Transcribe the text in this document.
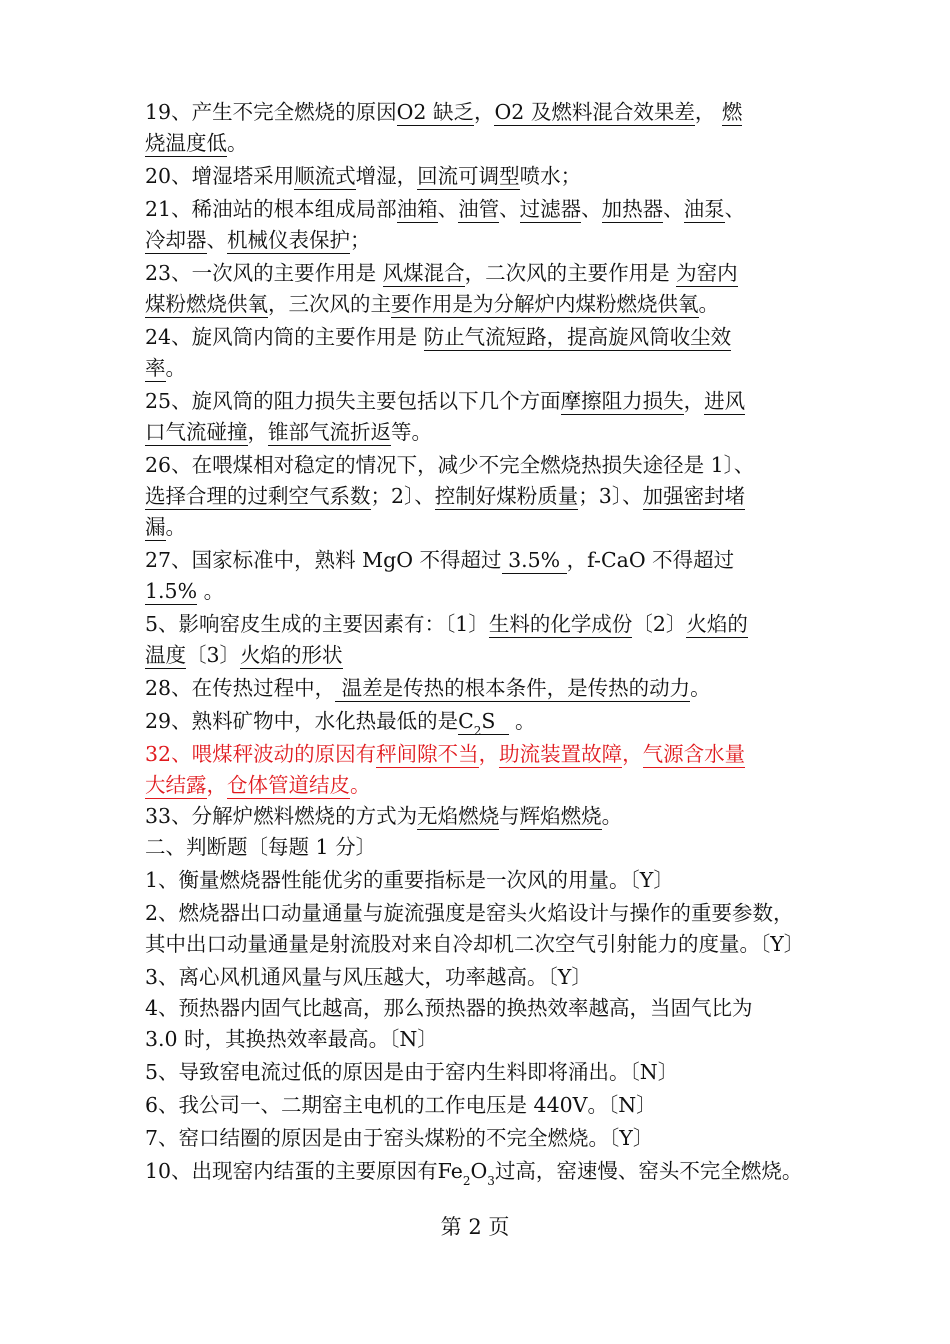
19、产生不完全燃烧的原因O2 缺乏，O2 及燃料混合效果差， 燃
烧温度低。
20、增湿塔采用顺流式增湿，回流可调型喷水；
21、稀油站的根本组成局部油箱、油管、过滤器、加热器、油泵、
冷却器、机械仪表保护；
23、一次风的主要作用是 风煤混合，二次风的主要作用是 为窑内
煤粉燃烧供氧，三次风的主要作用是为分解炉内煤粉燃烧供氧。
24、旋风筒内筒的主要作用是 防止气流短路，提高旋风筒收尘效
率。
25、旋风筒的阻力损失主要包括以下几个方面摩擦阻力损失，进风
口气流碰撞，锥部气流折返等。
26、在喂煤相对稳定的情况下，减少不完全燃烧热损失途径是 1〕、
选择合理的过剩空气系数；2〕、控制好煤粉质量；3〕、加强密封堵
漏。
27、国家标准中，熟料 MgO 不得超过 3.5% ，f-CaO 不得超过
1.5% 。
5、影响窑皮生成的主要因素有：〔1〕生料的化学成份〔2〕火焰的
温度〔3〕火焰的形状
28、在传热过程中， 温差是传热的根本条件，是传热的动力。
29、熟料矿物中，水化热最低的是$C_2S$   。
32、喂煤秤波动的原因有秤间隙不当，助流装置故障，气源含水量
大结露，仓体管道结皮。
33、分解炉燃料燃烧的方式为无焰燃烧与辉焰燃烧。
二、判断题〔每题 1 分〕
1、衡量燃烧器性能优劣的重要指标是一次风的用量。〔Y〕
2、燃烧器出口动量通量与旋流强度是窑头火焰设计与操作的重要参数，
其中出口动量通量是射流股对来自冷却机二次空气引射能力的度量。〔Y〕
3、离心风机通风量与风压越大，功率越高。〔Y〕
4、预热器内固气比越高，那么预热器的换热效率越高，当固气比为
3.0 时，其换热效率最高。〔N〕
5、导致窑电流过低的原因是由于窑内生料即将涌出。〔N〕
6、我公司一、二期窑主电机的工作电压是 440V。〔N〕
7、窑口结圈的原因是由于窑头煤粉的不完全燃烧。〔Y〕
10、出现窑内结蛋的主要原因有$Fe_2O_3$过高，窑速慢、窑头不完全燃烧。
第 2 页
